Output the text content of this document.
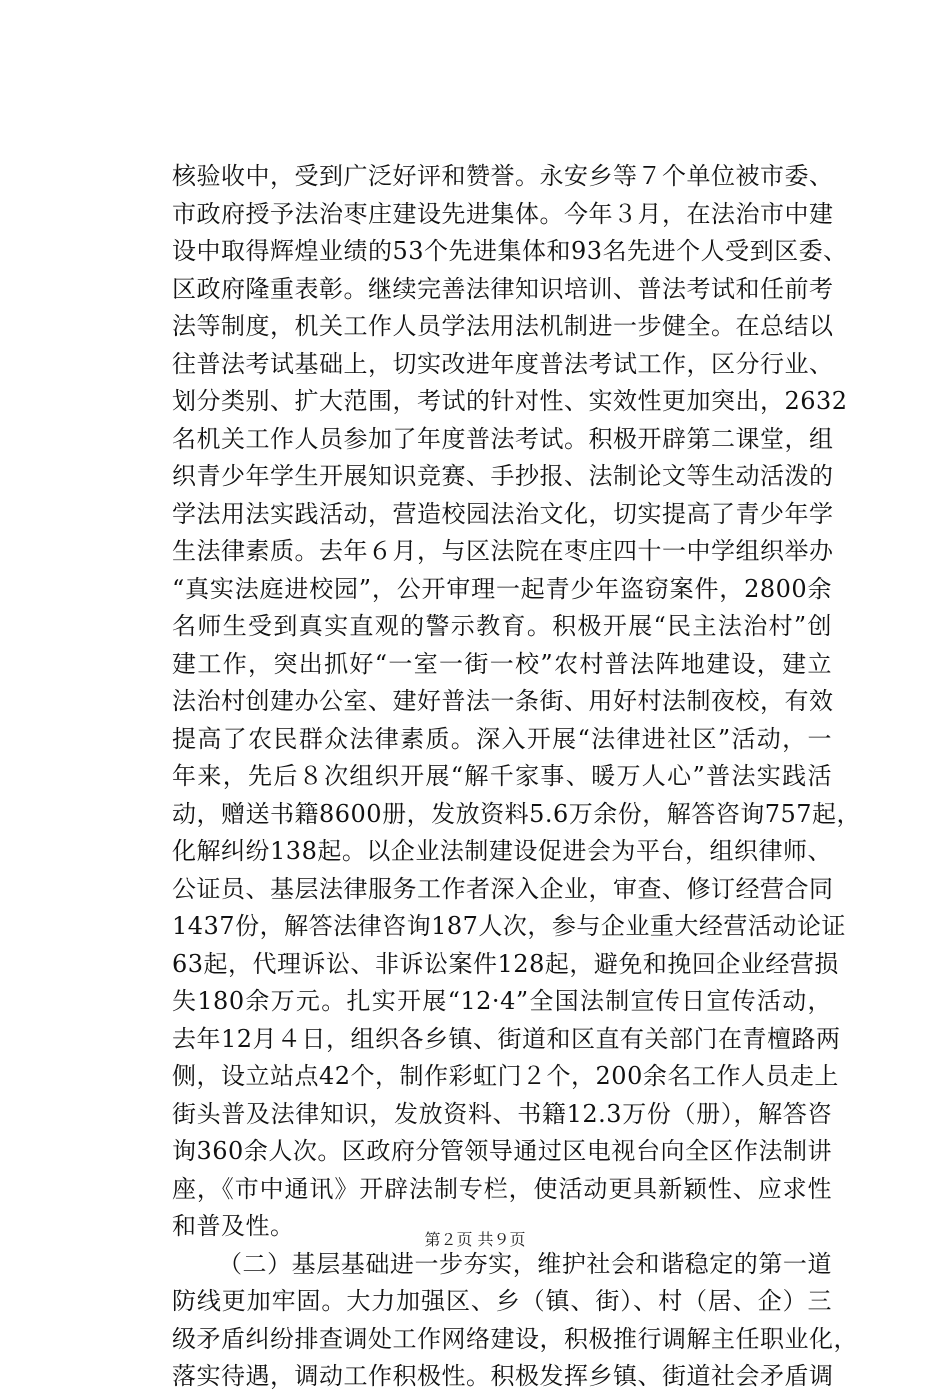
核验收中，受到广泛好评和赞誉。永安乡等７个单位被市委、
市政府授予法治枣庄建设先进集体。今年３月，在法治市中建
设中取得辉煌业绩的53个先进集体和93名先进个人受到区委、
区政府隆重表彰。继续完善法律知识培训、普法考试和任前考
法等制度，机关工作人员学法用法机制进一步健全。在总结以
往普法考试基础上，切实改进年度普法考试工作，区分行业、
划分类别、扩大范围，考试的针对性、实效性更加突出，2632
名机关工作人员参加了年度普法考试。积极开辟第二课堂，组
织青少年学生开展知识竞赛、手抄报、法制论文等生动活泼的
学法用法实践活动，营造校园法治文化，切实提高了青少年学
生法律素质。去年６月，与区法院在枣庄四十一中学组织举办
“真实法庭进校园”，公开审理一起青少年盗窃案件，2800余
名师生受到真实直观的警示教育。积极开展“民主法治村”创
建工作，突出抓好“一室一街一校”农村普法阵地建设，建立
法治村创建办公室、建好普法一条街、用好村法制夜校，有效
提高了农民群众法律素质。深入开展“法律进社区”活动，一
年来，先后８次组织开展“解千家事、暖万人心”普法实践活
动，赠送书籍8600册，发放资料5.6万余份，解答咨询757起，
化解纠纷138起。以企业法制建设促进会为平台，组织律师、
公证员、基层法律服务工作者深入企业，审查、修订经营合同
1437份，解答法律咨询187人次，参与企业重大经营活动论证
63起，代理诉讼、非诉讼案件128起，避免和挽回企业经营损
失180余万元。扎实开展“12·4”全国法制宣传日宣传活动，
去年12月４日，组织各乡镇、街道和区直有关部门在青檀路两
侧，设立站点42个，制作彩虹门２个，200余名工作人员走上
街头普及法律知识，发放资料、书籍12.3万份（册），解答咨
询360余人次。区政府分管领导通过区电视台向全区作法制讲
座，《市中通讯》开辟法制专栏，使活动更具新颖性、应求性
和普及性。
（二）基层基础进一步夯实，维护社会和谐稳定的第一道
防线更加牢固。大力加强区、乡（镇、街）、村（居、企）三
级矛盾纠纷排查调处工作网络建设，积极推行调解主任职业化，
落实待遇，调动工作积极性。积极发挥乡镇、街道社会矛盾调
第２页 共９页
